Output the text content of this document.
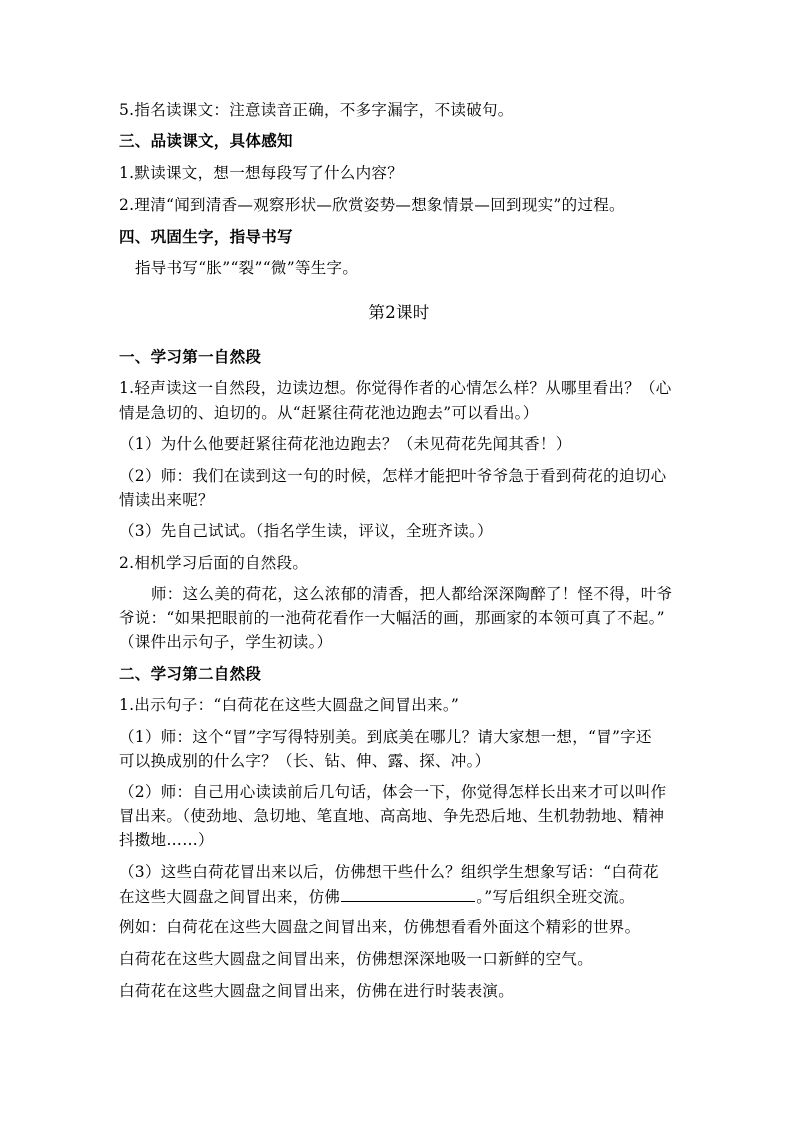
5.指名读课文：注意读音正确，不多字漏字，不读破句。
三、品读课文，具体感知
1.默读课文，想一想每段写了什么内容？
2.理清“闻到清香—观察形状—欣赏姿势—想象情景—回到现实”的过程。
四、巩固生字，指导书写
指导书写“胀”“裂”“微”等生字。
第2课时
一、学习第一自然段
1.轻声读这一自然段，边读边想。你觉得作者的心情怎么样？从哪里看出？（心
情是急切的、迫切的。从“赶紧往荷花池边跑去”可以看出。）
（1）为什么他要赶紧往荷花池边跑去？（未见荷花先闻其香！）
（2）师：我们在读到这一句的时候，怎样才能把叶爷爷急于看到荷花的迫切心
情读出来呢？
（3）先自己试试。（指名学生读，评议，全班齐读。）
2.相机学习后面的自然段。
师：这么美的荷花，这么浓郁的清香，把人都给深深陶醉了！怪不得，叶爷
爷说：“如果把眼前的一池荷花看作一大幅活的画，那画家的本领可真了不起。”
（课件出示句子，学生初读。）
二、学习第二自然段
1.出示句子：“白荷花在这些大圆盘之间冒出来。”
（1）师：这个“冒”字写得特别美。到底美在哪儿？请大家想一想，“冒”字还
可以换成别的什么字？（长、钻、伸、露、探、冲。）
（2）师：自己用心读读前后几句话，体会一下，你觉得怎样长出来才可以叫作
冒出来。（使劲地、急切地、笔直地、高高地、争先恐后地、生机勃勃地、精神
抖擞地……）
（3）这些白荷花冒出来以后，仿佛想干些什么？组织学生想象写话：“白荷花
在这些大圆盘之间冒出来，仿佛	。”写后组织全班交流。
例如：白荷花在这些大圆盘之间冒出来，仿佛想看看外面这个精彩的世界。
白荷花在这些大圆盘之间冒出来，仿佛想深深地吸一口新鲜的空气。
白荷花在这些大圆盘之间冒出来，仿佛在进行时装表演。
